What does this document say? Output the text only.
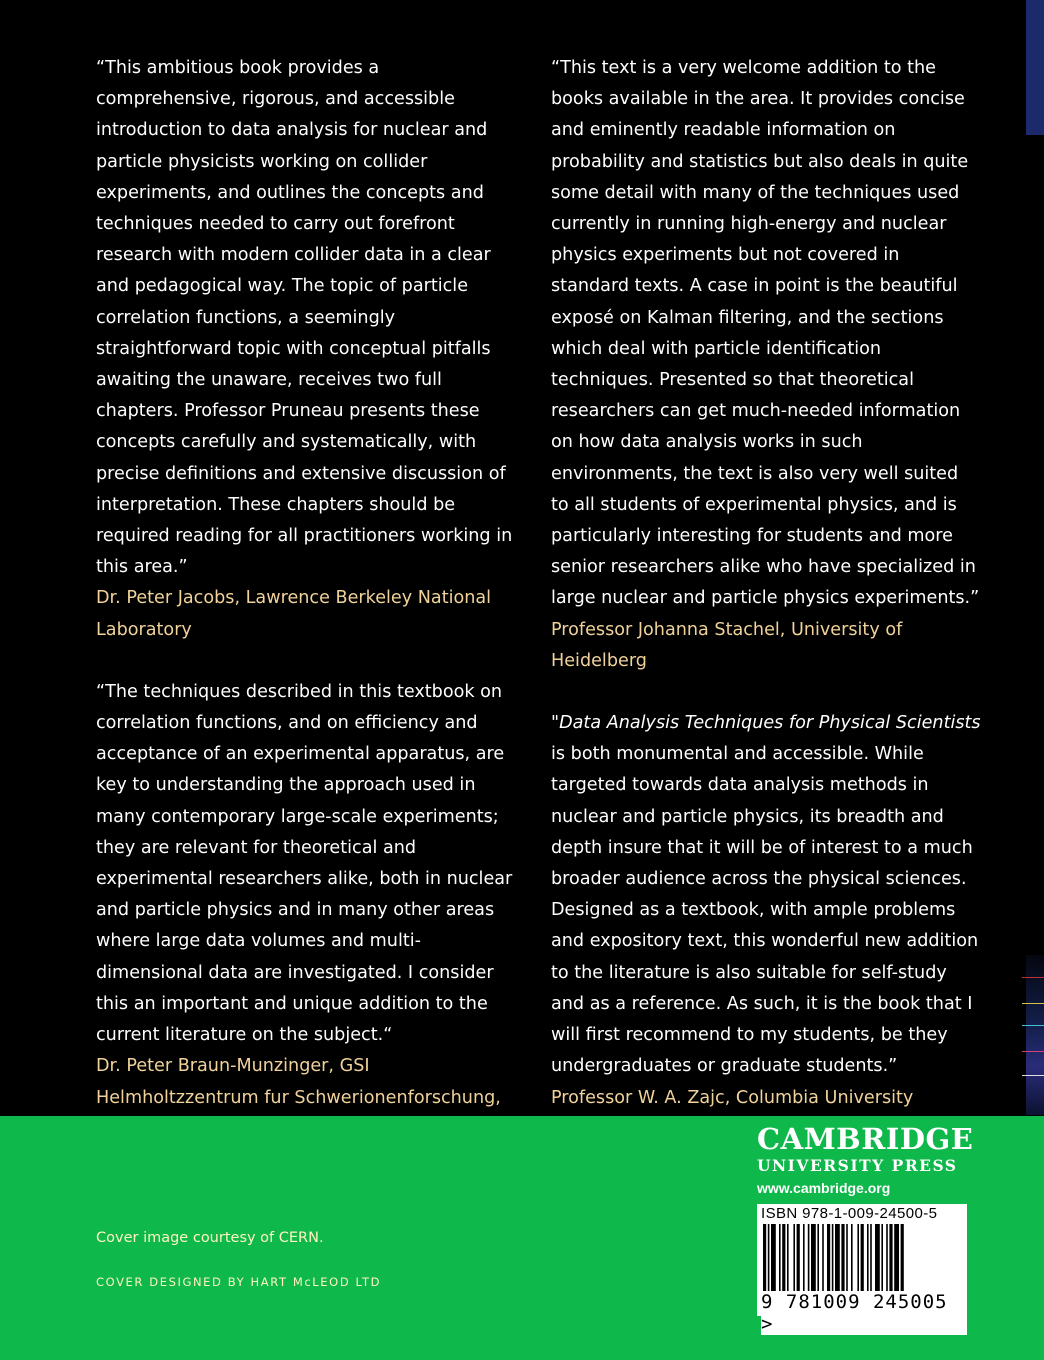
“This ambitious book provides a comprehensive, rigorous, and accessible introduction to data analysis for nuclear and particle physicists working on collider experiments, and outlines the concepts and techniques needed to carry out forefront research with modern collider data in a clear and pedagogical way. The topic of particle correlation functions, a seemingly straightforward topic with conceptual pitfalls awaiting the unaware, receives two full chapters. Professor Pruneau presents these concepts carefully and systematically, with precise definitions and extensive discussion of interpretation. These chapters should be required reading for all practitioners working in this area.”

Dr. Peter Jacobs, Lawrence Berkeley National Laboratory

“The techniques described in this textbook on correlation functions, and on efficiency and acceptance of an experimental apparatus, are key to understanding the approach used in many contemporary large-scale experiments; they are relevant for theoretical and experimental researchers alike, both in nuclear and particle physics and in many other areas where large data volumes and multi-dimensional data are investigated. I consider this an important and unique addition to the current literature on the subject.“

Dr. Peter Braun-Munzinger, GSI Helmholtzzentrum fur Schwerionenforschung,

“This text is a very welcome addition to the books available in the area. It provides concise and eminently readable information on probability and statistics but also deals in quite some detail with many of the techniques used currently in running high-energy and nuclear physics experiments but not covered in standard texts. A case in point is the beautiful exposé on Kalman filtering, and the sections which deal with particle identification techniques. Presented so that theoretical researchers can get much-needed information on how data analysis works in such environments, the text is also very well suited to all students of experimental physics, and is particularly interesting for students and more senior researchers alike who have specialized in large nuclear and particle physics experiments.”

Professor Johanna Stachel, University of Heidelberg

"Data Analysis Techniques for Physical Scientists is both monumental and accessible. While targeted towards data analysis methods in nuclear and particle physics, its breadth and depth insure that it will be of interest to a much broader audience across the physical sciences. Designed as a textbook, with ample problems and expository text, this wonderful new addition to the literature is also suitable for self-study and as a reference. As such, it is the book that I will first recommend to my students, be they undergraduates or graduate students.”

Professor W. A. Zajc, Columbia University

Cover image courtesy of CERN.
COVER DESIGNED BY HART McLEOD LTD
CAMBRIDGE
UNIVERSITY PRESS
www.cambridge.org
ISBN 978-1-009-24500-5
9 781009 245005 >
